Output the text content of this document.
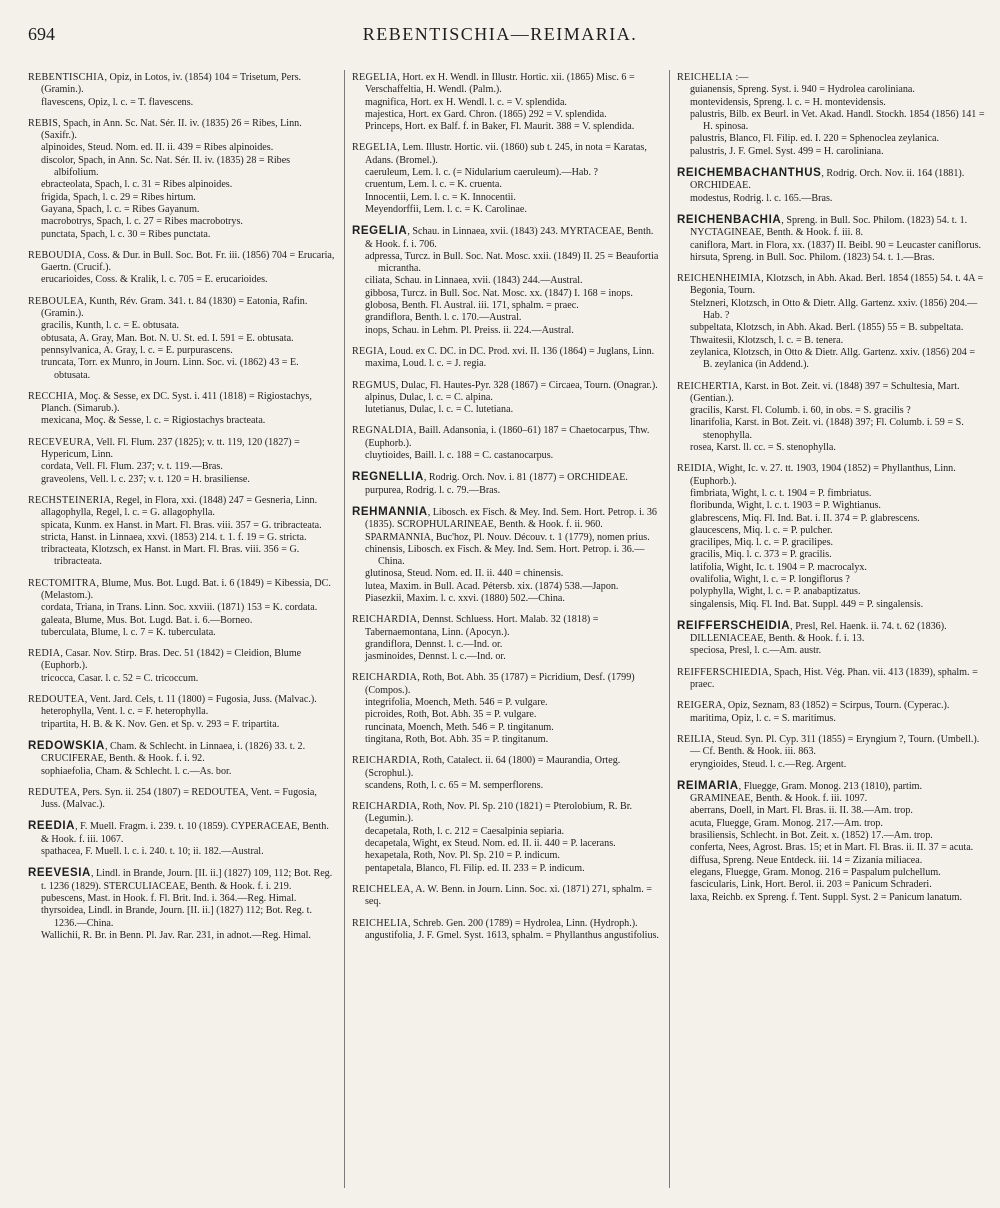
694	REBENTISCHIA—REIMARIA.

REBENTISCHIA, Opiz, in Lotos, iv. (1854) 104 = Trisetum, Pers. (Gramin.).

flavescens, Opiz, l. c. = T. flavescens.

REBIS, Spach, in Ann. Sc. Nat. Sér. II. iv. (1835) 26 = Ribes, Linn. (Saxifr.).

alpinoides, Steud. Nom. ed. II. ii. 439 = Ribes alpinoides.

discolor, Spach, in Ann. Sc. Nat. Sér. II. iv. (1835) 28 = Ribes albifolium.

ebracteolata, Spach, l. c. 31 = Ribes alpinoides.

frigida, Spach, l. c. 29 = Ribes hirtum.

Gayana, Spach, l. c. = Ribes Gayanum.

macrobotrys, Spach, l. c. 27 = Ribes macrobotrys.

punctata, Spach, l. c. 30 = Ribes punctata.

REBOUDIA, Coss. & Dur. in Bull. Soc. Bot. Fr. iii. (1856) 704 = Erucaria, Gaertn. (Crucif.).

erucarioides, Coss. & Kralik, l. c. 705 = E. erucarioides.

REBOULEA, Kunth, Rév. Gram. 341. t. 84 (1830) = Eatonia, Rafin. (Gramin.).

gracilis, Kunth, l. c. = E. obtusata.

obtusata, A. Gray, Man. Bot. N. U. St. ed. I. 591 = E. obtusata.

pennsylvanica, A. Gray, l. c. = E. purpurascens.

truncata, Torr. ex Munro, in Journ. Linn. Soc. vi. (1862) 43 = E. obtusata.

RECCHIA, Moç. & Sesse, ex DC. Syst. i. 411 (1818) = Rigiostachys, Planch. (Simarub.).

mexicana, Moç. & Sesse, l. c. = Rigiostachys bracteata.

RECEVEURA, Vell. Fl. Flum. 237 (1825); v. tt. 119, 120 (1827) = Hypericum, Linn.

cordata, Vell. Fl. Flum. 237; v. t. 119.—Bras.

graveolens, Vell. l. c. 237; v. t. 120 = H. brasiliense.

RECHSTEINERIA, Regel, in Flora, xxi. (1848) 247 = Gesneria, Linn.

allagophylla, Regel, l. c. = G. allagophylla.

spicata, Kunm. ex Hanst. in Mart. Fl. Bras. viii. 357 = G. tribracteata.

stricta, Hanst. in Linnaea, xxvi. (1853) 214. t. 1. f. 19 = G. stricta.

tribracteata, Klotzsch, ex Hanst. in Mart. Fl. Bras. viii. 356 = G. tribracteata.

RECTOMITRA, Blume, Mus. Bot. Lugd. Bat. i. 6 (1849) = Kibessia, DC. (Melastom.).

cordata, Triana, in Trans. Linn. Soc. xxviii. (1871) 153 = K. cordata.

galeata, Blume, Mus. Bot. Lugd. Bat. i. 6.—Borneo.

tuberculata, Blume, l. c. 7 = K. tuberculata.

REDIA, Casar. Nov. Stirp. Bras. Dec. 51 (1842) = Cleidion, Blume (Euphorb.).

tricocca, Casar. l. c. 52 = C. tricoccum.

REDOUTEA, Vent. Jard. Cels, t. 11 (1800) = Fugosia, Juss. (Malvac.).

heterophylla, Vent. l. c. = F. heterophylla.

tripartita, H. B. & K. Nov. Gen. et Sp. v. 293 = F. tripartita.

REDOWSKIA, Cham. & Schlecht. in Linnaea, i. (1826) 33. t. 2. CRUCIFERAE, Benth. & Hook. f. i. 92.

sophiaefolia, Cham. & Schlecht. l. c.—As. bor.

REDUTEA, Pers. Syn. ii. 254 (1807) = REDOUTEA, Vent. = Fugosia, Juss. (Malvac.).

REEDIA, F. Muell. Fragm. i. 239. t. 10 (1859). CYPERACEAE, Benth. & Hook. f. iii. 1067.

spathacea, F. Muell. l. c. i. 240. t. 10; ii. 182.—Austral.

REEVESIA, Lindl. in Brande, Journ. [II. ii.] (1827) 109, 112; Bot. Reg. t. 1236 (1829). STERCULIACEAE, Benth. & Hook. f. i. 219.

pubescens, Mast. in Hook. f. Fl. Brit. Ind. i. 364.—Reg. Himal.

thyrsoidea, Lindl. in Brande, Journ. [II. ii.] (1827) 112; Bot. Reg. t. 1236.—China.

Wallichii, R. Br. in Benn. Pl. Jav. Rar. 231, in adnot.—Reg. Himal.

REGELIA, Hort. ex H. Wendl. in Illustr. Hortic. xii. (1865) Misc. 6 = Verschaffeltia, H. Wendl. (Palm.).

magnifica, Hort. ex H. Wendl. l. c. = V. splendida.

majestica, Hort. ex Gard. Chron. (1865) 292 = V. splendida.

Princeps, Hort. ex Balf. f. in Baker, Fl. Maurit. 388 = V. splendida.

REGELIA, Lem. Illustr. Hortic. vii. (1860) sub t. 245, in nota = Karatas, Adans. (Bromel.).

caeruleum, Lem. l. c. (= Nidularium caeruleum).—Hab. ?

cruentum, Lem. l. c. = K. cruenta.

Innocentii, Lem. l. c. = K. Innocentii.

Meyendorffii, Lem. l. c. = K. Carolinae.

REGELIA, Schau. in Linnaea, xvii. (1843) 243. MYRTACEAE, Benth. & Hook. f. i. 706.

adpressa, Turcz. in Bull. Soc. Nat. Mosc. xxii. (1849) II. 25 = Beaufortia micrantha.

ciliata, Schau. in Linnaea, xvii. (1843) 244.—Austral.

gibbosa, Turcz. in Bull. Soc. Nat. Mosc. xx. (1847) I. 168 = inops.

globosa, Benth. Fl. Austral. iii. 171, sphalm. = praec.

grandiflora, Benth. l. c. 170.—Austral.

inops, Schau. in Lehm. Pl. Preiss. ii. 224.—Austral.

REGIA, Loud. ex C. DC. in DC. Prod. xvi. II. 136 (1864) = Juglans, Linn.

maxima, Loud. l. c. = J. regia.

REGMUS, Dulac, Fl. Hautes-Pyr. 328 (1867) = Circaea, Tourn. (Onagrar.).

alpinus, Dulac, l. c. = C. alpina.

lutetianus, Dulac, l. c. = C. lutetiana.

REGNALDIA, Baill. Adansonia, i. (1860–61) 187 = Chaetocarpus, Thw. (Euphorb.).

cluytioides, Baill. l. c. 188 = C. castanocarpus.

REGNELLIA, Rodrig. Orch. Nov. i. 81 (1877) = ORCHIDEAE.

purpurea, Rodrig. l. c. 79.—Bras.

REHMANNIA, Libosch. ex Fisch. & Mey. Ind. Sem. Hort. Petrop. i. 36 (1835). SCROPHULARINEAE, Benth. & Hook. f. ii. 960.

SPARMANNIA, Buc'hoz, Pl. Nouv. Découv. t. 1 (1779), nomen prius.

chinensis, Libosch. ex Fisch. & Mey. Ind. Sem. Hort. Petrop. i. 36.—China.

glutinosa, Steud. Nom. ed. II. ii. 440 = chinensis.

lutea, Maxim. in Bull. Acad. Pétersb. xix. (1874) 538.—Japon.

Piasezkii, Maxim. l. c. xxvi. (1880) 502.—China.

REICHARDIA, Dennst. Schluess. Hort. Malab. 32 (1818) = Tabernaemontana, Linn. (Apocyn.).

grandiflora, Dennst. l. c.—Ind. or.

jasminoides, Dennst. l. c.—Ind. or.

REICHARDIA, Roth, Bot. Abh. 35 (1787) = Picridium, Desf. (1799) (Compos.).

integrifolia, Moench, Meth. 546 = P. vulgare.

picroides, Roth, Bot. Abh. 35 = P. vulgare.

runcinata, Moench, Meth. 546 = P. tingitanum.

tingitana, Roth, Bot. Abh. 35 = P. tingitanum.

REICHARDIA, Roth, Catalect. ii. 64 (1800) = Maurandia, Orteg. (Scrophul.).

scandens, Roth, l. c. 65 = M. semperflorens.

REICHARDIA, Roth, Nov. Pl. Sp. 210 (1821) = Pterolobium, R. Br. (Legumin.).

decapetala, Roth, l. c. 212 = Caesalpinia sepiaria.

decapetala, Wight, ex Steud. Nom. ed. II. ii. 440 = P. lacerans.

hexapetala, Roth, Nov. Pl. Sp. 210 = P. indicum.

pentapetala, Blanco, Fl. Filip. ed. II. 233 = P. indicum.

REICHELEA, A. W. Benn. in Journ. Linn. Soc. xi. (1871) 271, sphalm. = seq.

REICHELIA, Schreb. Gen. 200 (1789) = Hydrolea, Linn. (Hydroph.).

angustifolia, J. F. Gmel. Syst. 1613, sphalm. = Phyllanthus angustifolius.

REICHELIA :—

guianensis, Spreng. Syst. i. 940 = Hydrolea caroliniana.

montevidensis, Spreng. l. c. = H. montevidensis.

palustris, Bilb. ex Beurl. in Vet. Akad. Handl. Stockh. 1854 (1856) 141 = H. spinosa.

palustris, Blanco, Fl. Filip. ed. I. 220 = Sphenoclea zeylanica.

palustris, J. F. Gmel. Syst. 499 = H. caroliniana.

REICHEMBACHANTHUS, Rodrig. Orch. Nov. ii. 164 (1881). ORCHIDEAE.

modestus, Rodrig. l. c. 165.—Bras.

REICHENBACHIA, Spreng. in Bull. Soc. Philom. (1823) 54. t. 1. NYCTAGINEAE, Benth. & Hook. f. iii. 8.

caniflora, Mart. in Flora, xx. (1837) II. Beibl. 90 = Leucaster caniflorus.

hirsuta, Spreng. in Bull. Soc. Philom. (1823) 54. t. 1.—Bras.

REICHENHEIMIA, Klotzsch, in Abh. Akad. Berl. 1854 (1855) 54. t. 4A = Begonia, Tourn.

Stelzneri, Klotzsch, in Otto & Dietr. Allg. Gartenz. xxiv. (1856) 204.—Hab. ?

subpeltata, Klotzsch, in Abh. Akad. Berl. (1855) 55 = B. subpeltata.

Thwaitesii, Klotzsch, l. c. = B. tenera.

zeylanica, Klotzsch, in Otto & Dietr. Allg. Gartenz. xxiv. (1856) 204 = B. zeylanica (in Addend.).

REICHERTIA, Karst. in Bot. Zeit. vi. (1848) 397 = Schultesia, Mart. (Gentian.).

gracilis, Karst. Fl. Columb. i. 60, in obs. = S. gracilis ?

linarifolia, Karst. in Bot. Zeit. vi. (1848) 397; Fl. Columb. i. 59 = S. stenophylla.

rosea, Karst. ll. cc. = S. stenophylla.

REIDIA, Wight, Ic. v. 27. tt. 1903, 1904 (1852) = Phyllanthus, Linn. (Euphorb.).

fimbriata, Wight, l. c. t. 1904 = P. fimbriatus.

floribunda, Wight, l. c. t. 1903 = P. Wightianus.

glabrescens, Miq. Fl. Ind. Bat. i. II. 374 = P. glabrescens.

glaucescens, Miq. l. c. = P. pulcher.

gracilipes, Miq. l. c. = P. gracilipes.

gracilis, Miq. l. c. 373 = P. gracilis.

latifolia, Wight, Ic. t. 1904 = P. macrocalyx.

ovalifolia, Wight, l. c. = P. longiflorus ?

polyphylla, Wight, l. c. = P. anabaptizatus.

singalensis, Miq. Fl. Ind. Bat. Suppl. 449 = P. singalensis.

REIFFERSCHEIDIA, Presl, Rel. Haenk. ii. 74. t. 62 (1836). DILLENIACEAE, Benth. & Hook. f. i. 13.

speciosa, Presl, l. c.—Am. austr.

REIFFERSCHIEDIA, Spach, Hist. Vég. Phan. vii. 413 (1839), sphalm. = praec.

REIGERA, Opiz, Seznam, 83 (1852) = Scirpus, Tourn. (Cyperac.).

maritima, Opiz, l. c. = S. maritimus.

REILIA, Steud. Syn. Pl. Cyp. 311 (1855) = Eryngium ?, Tourn. (Umbell.).— Cf. Benth. & Hook. iii. 863.

eryngioides, Steud. l. c.—Reg. Argent.

REIMARIA, Fluegge, Gram. Monog. 213 (1810), partim. GRAMINEAE, Benth. & Hook. f. iii. 1097.

aberrans, Doell, in Mart. Fl. Bras. ii. II. 38.—Am. trop.

acuta, Fluegge, Gram. Monog. 217.—Am. trop.

brasiliensis, Schlecht. in Bot. Zeit. x. (1852) 17.—Am. trop.

conferta, Nees, Agrost. Bras. 15; et in Mart. Fl. Bras. ii. II. 37 = acuta.

diffusa, Spreng. Neue Entdeck. iii. 14 = Zizania miliacea.

elegans, Fluegge, Gram. Monog. 216 = Paspalum pulchellum.

fascicularis, Link, Hort. Berol. ii. 203 = Panicum Schraderi.

laxa, Reichb. ex Spreng. f. Tent. Suppl. Syst. 2 = Panicum lanatum.
